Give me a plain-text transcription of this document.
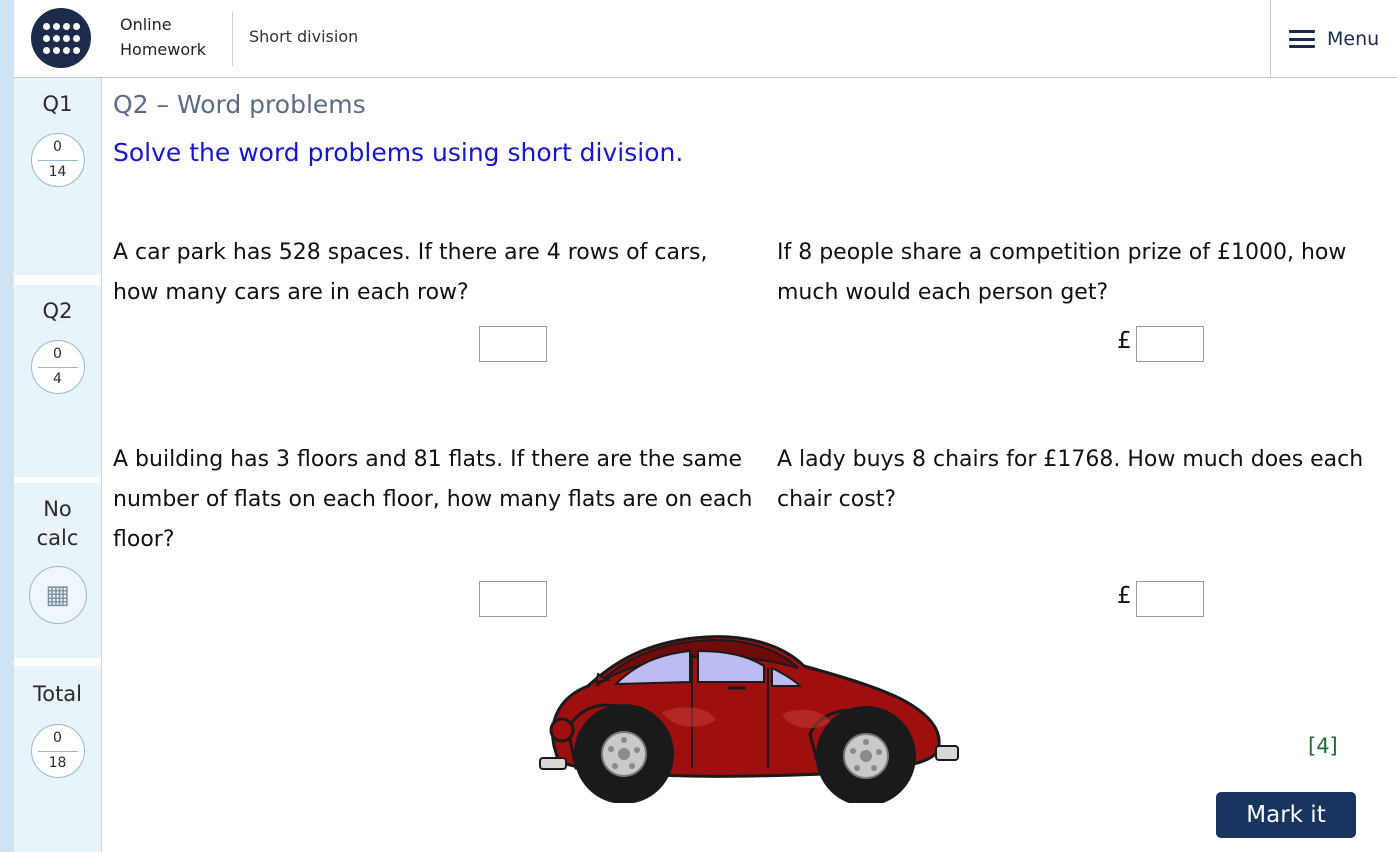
Online
Homework
Short division	Menu
Q1
0
14
Q2
0
4
No
calc
▦
Total
0
18
Q2 – Word problems
Solve the word problems using short division.
A car park has 528 spaces. If there are 4 rows of cars, how many cars are in each row?
If 8 people share a competition prize of £1000, how much would each person get?
A building has 3 floors and 81 flats. If there are the same number of flats on each floor, how many flats are on each floor?
A lady buys 8 chairs for £1768. How much does each chair cost?
£
£
[4]
Mark it
